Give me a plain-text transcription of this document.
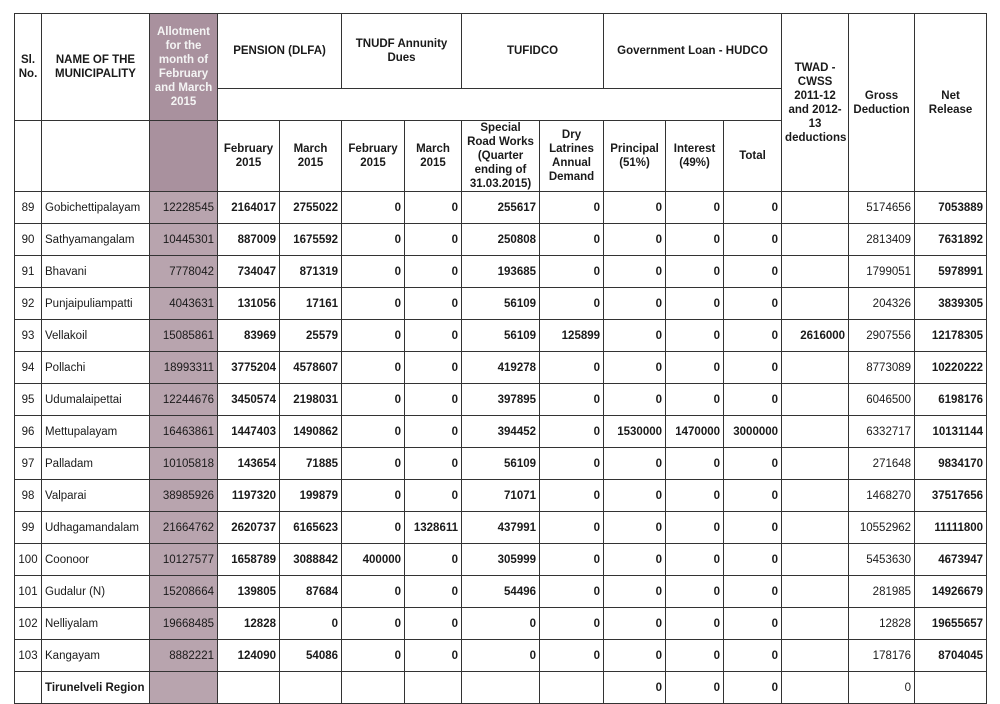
Sl. No.	NAME OF THE MUNICIPALITY	Allotment for the month of February and March 2015	PENSION (DLFA)		TNUDF Annunity Dues		TUFIDCO		Government Loan - HUDCO			TWAD - CWSS 2011-12 and 2012-13 deductions	Gross Deduction	Net Release

			February 2015	March 2015	February 2015	March 2015	Special Road Works (Quarter ending of 31.03.2015)	Dry Latrines Annual Demand	Principal (51%)	Interest (49%)	Total			
89	Gobichettipalayam	12228545	2164017	2755022	0	0	255617	0	0	0	0		5174656	7053889
90	Sathyamangalam	10445301	887009	1675592	0	0	250808	0	0	0	0		2813409	7631892
91	Bhavani	7778042	734047	871319	0	0	193685	0	0	0	0		1799051	5978991
92	Punjaipuliampatti	4043631	131056	17161	0	0	56109	0	0	0	0		204326	3839305
93	Vellakoil	15085861	83969	25579	0	0	56109	125899	0	0	0	2616000	2907556	12178305
94	Pollachi	18993311	3775204	4578607	0	0	419278	0	0	0	0		8773089	10220222
95	Udumalaipettai	12244676	3450574	2198031	0	0	397895	0	0	0	0		6046500	6198176
96	Mettupalayam	16463861	1447403	1490862	0	0	394452	0	1530000	1470000	3000000		6332717	10131144
97	Palladam	10105818	143654	71885	0	0	56109	0	0	0	0		271648	9834170
98	Valparai	38985926	1197320	199879	0	0	71071	0	0	0	0		1468270	37517656
99	Udhagamandalam	21664762	2620737	6165623	0	1328611	437991	0	0	0	0		10552962	11111800
100	Coonoor	10127577	1658789	3088842	400000	0	305999	0	0	0	0		5453630	4673947
101	Gudalur (N)	15208664	139805	87684	0	0	54496	0	0	0	0		281985	14926679
102	Nelliyalam	19668485	12828	0	0	0	0	0	0	0	0		12828	19655657
103	Kangayam	8882221	124090	54086	0	0	0	0	0	0	0		178176	8704045
	Tirunelveli Region								0	0	0		0	
